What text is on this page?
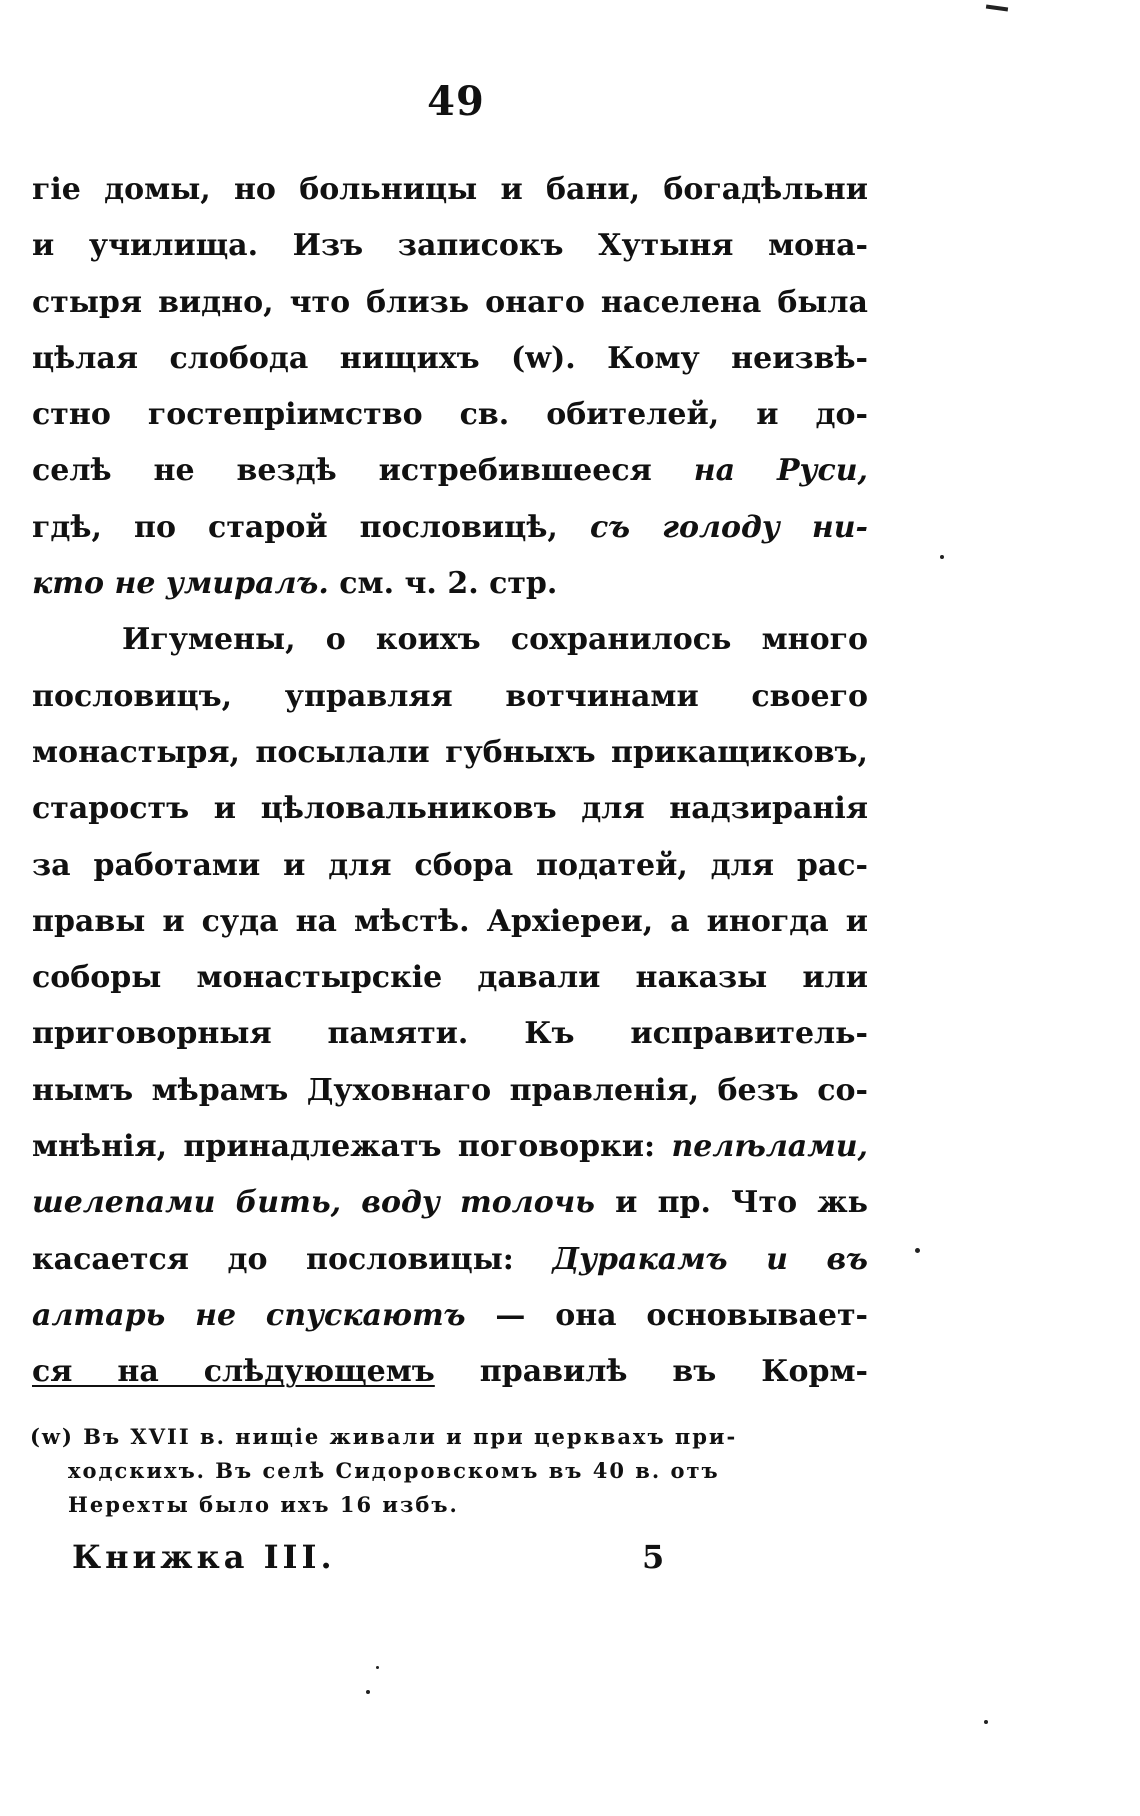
49
гіе домы, но больницы и бани, богадѣльни
и училища. Изъ записокъ Хутыня мона-
стыря видно, что близь онаго населена была
цѣлая слобода нищихъ (w). Кому неизвѣ-
стно гостепріимство св. обителей, и до-
селѣ не вездѣ истребившееся на Руси,
гдѣ, по старой пословицѣ, съ голоду ни-
кто не умиралъ. см. ч. 2. стр.
Игумены, о коихъ сохранилось много
пословицъ, управляя вотчинами своего
монастыря, посылали губныхъ прикащиковъ,
старостъ и цѣловальниковъ для надзиранія
за работами и для сбора податей, для рас-
правы и суда на мѣстѣ. Архіереи, а иногда и
соборы монастырскіе давали наказы или
приговорныя памяти. Къ исправитель-
нымъ мѣрамъ Духовнаго правленія, безъ со-
мнѣнія, принадлежатъ поговорки: пелѣлами,
шелепами бить, воду толочь и пр. Что жь
касается до пословицы: Дуракамъ и въ
алтарь не спускаютъ — она основывает-
ся на слѣдующемъ правилѣ въ Корм-
(w) Въ XVII в. нищіе живали и при церквахъ при-
ходскихъ. Въ селѣ Сидоровскомъ въ 40 в. отъ
Нерехты было ихъ 16 избъ.
Книжка III.	5
